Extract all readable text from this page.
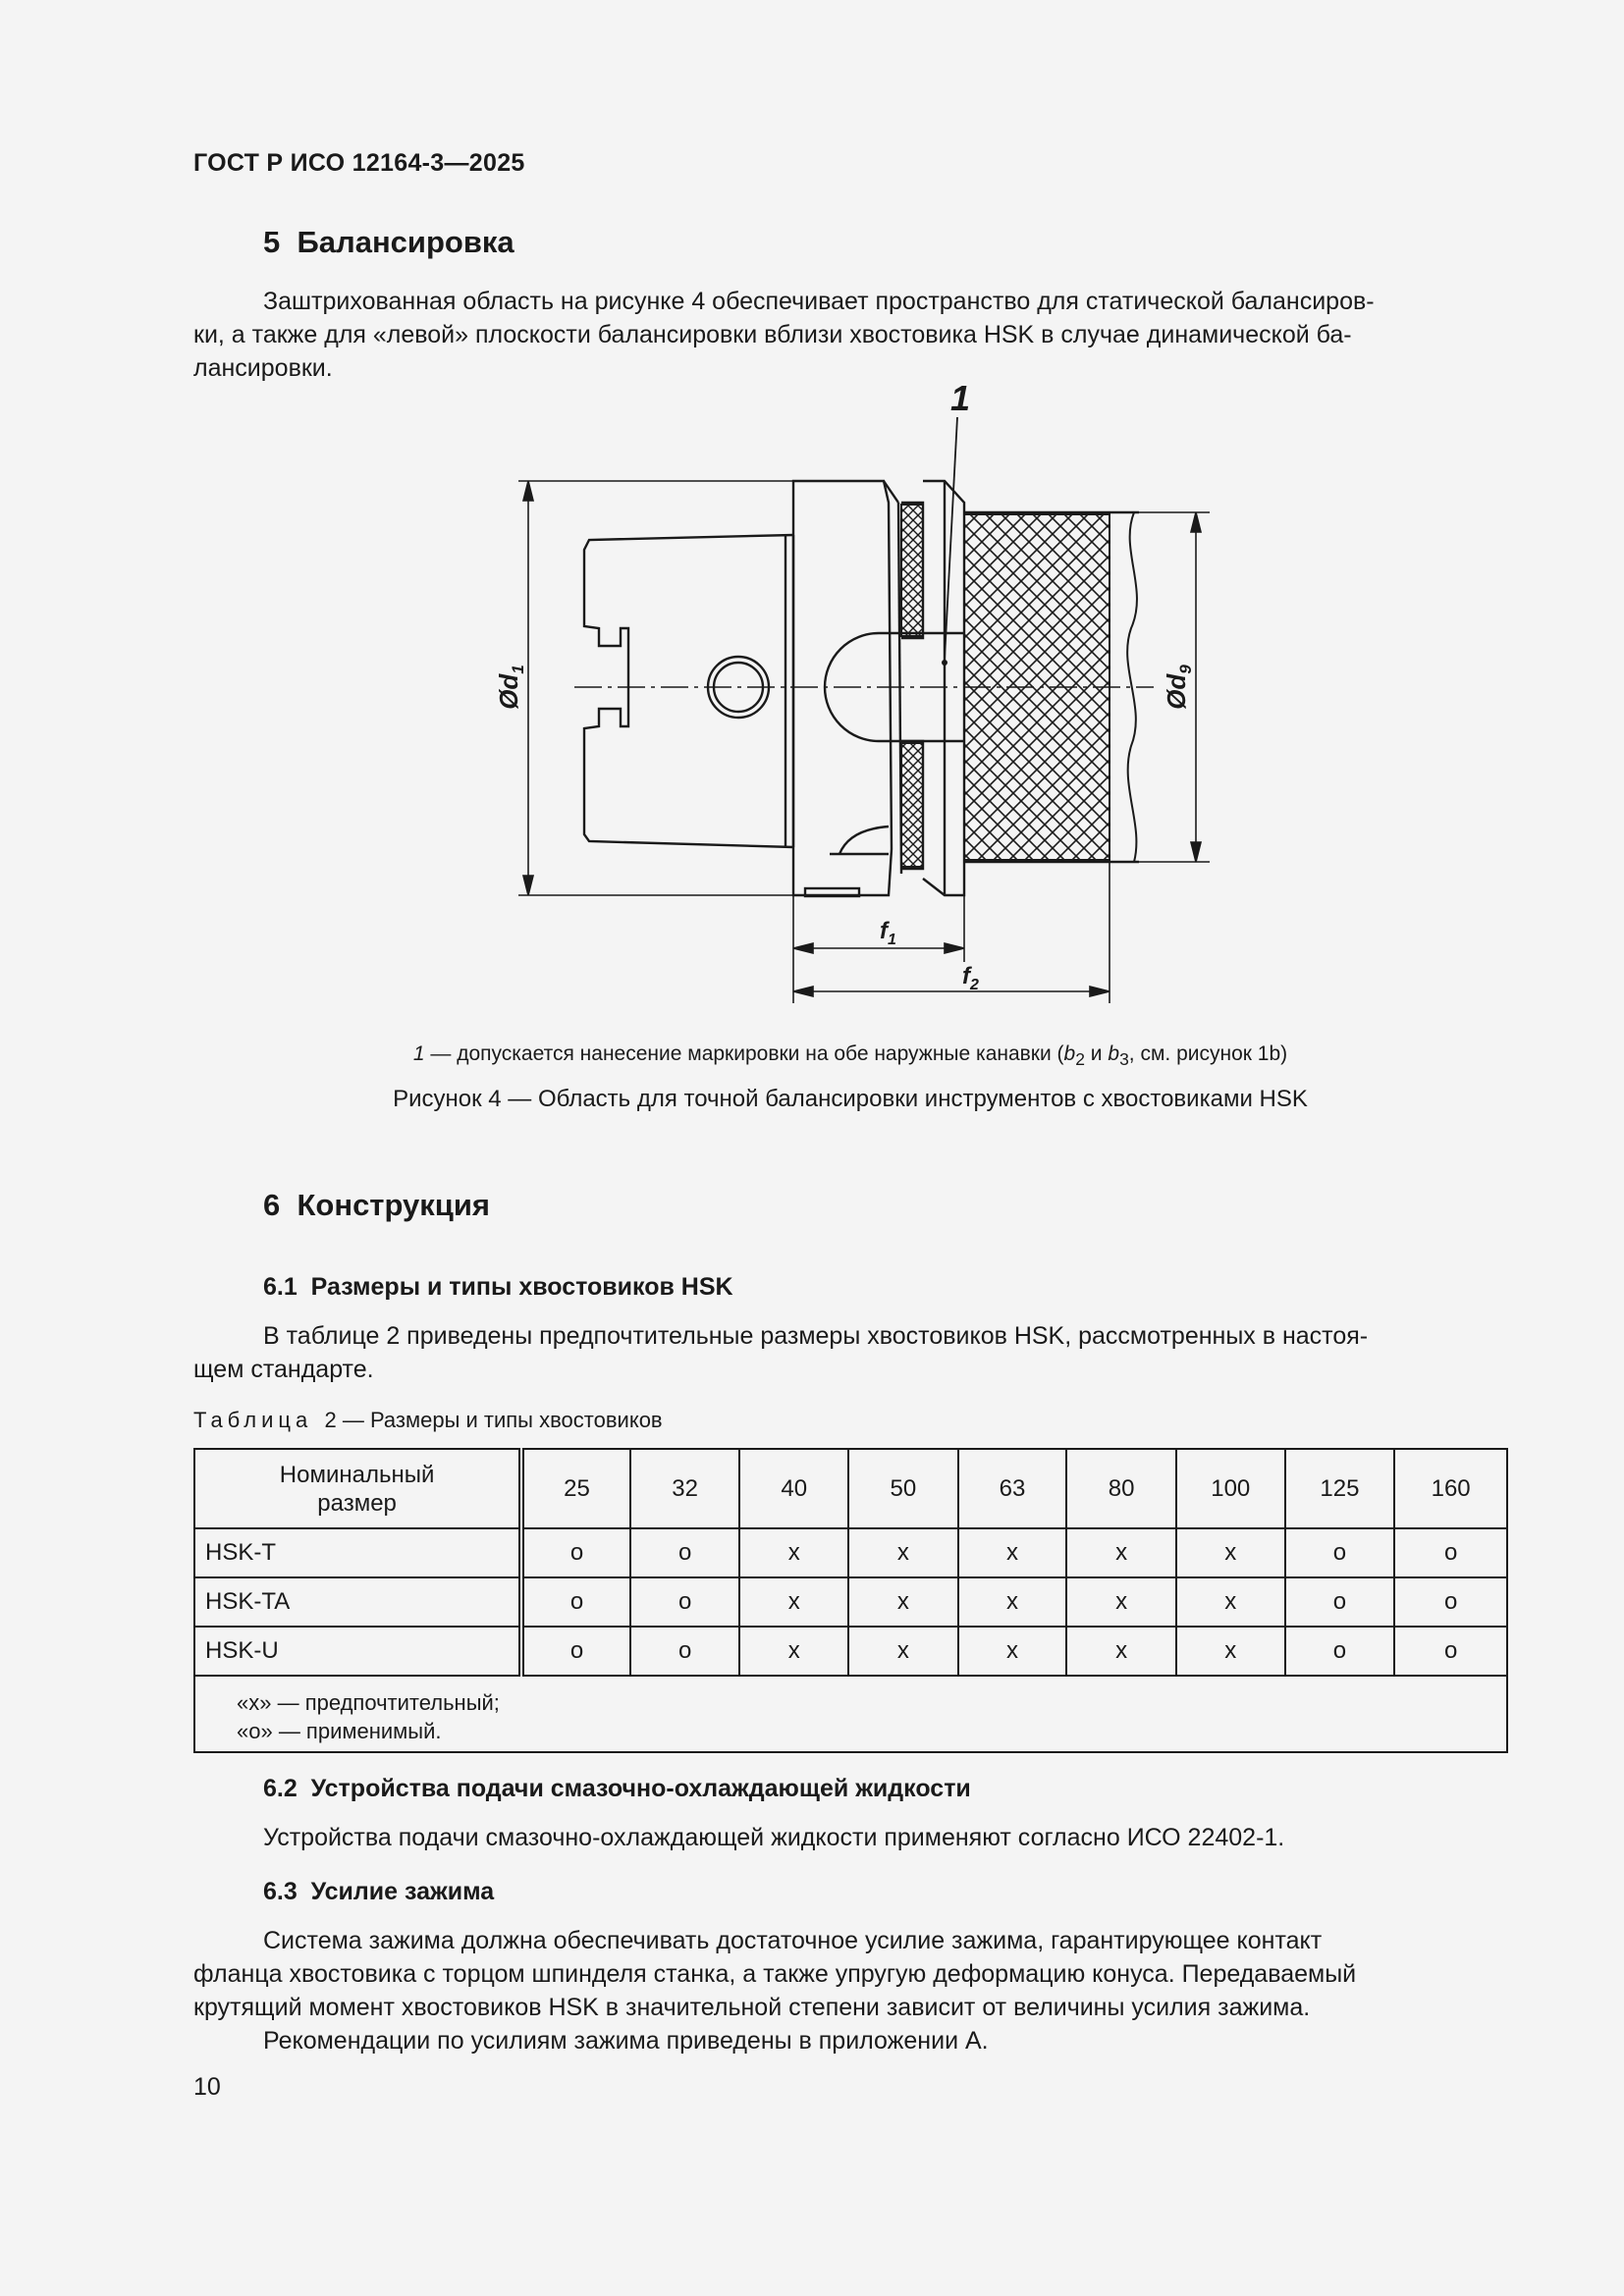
ГОСТ Р ИСО 12164-3—2025
5 Балансировка
Заштрихованная область на рисунке 4 обеспечивает пространство для статической балансиров-
ки, а также для «левой» плоскости балансировки вблизи хвостовика HSK в случае динамической ба-
лансировки.
1
$Ød_1$
$Ød_9$
$f_1$
$f_2$
1 — допускается нанесение маркировки на обе наружные канавки ($b_2$ и $b_3$, см. рисунок 1b)
Рисунок 4 — Область для точной балансировки инструментов с хвостовиками HSK
6 Конструкция
6.1 Размеры и типы хвостовиков HSK
В таблице 2 приведены предпочтительные размеры хвостовиков HSK, рассмотренных в настоя-
щем стандарте.
Таблица 2 — Размеры и типы хвостовиков
Номинальный
размер	25	32	40	50	63	80	100	125	160
HSK-T	o	o	x	x	x	x	x	o	o
HSK-TA	o	o	x	x	x	x	x	o	o
HSK-U	o	o	x	x	x	x	x	o	o

«x» — предпочтительный;
«o» — применимый.									
6.2 Устройства подачи смазочно-охлаждающей жидкости
Устройства подачи смазочно-охлаждающей жидкости применяют согласно ИСО 22402-1.
6.3 Усилие зажима
Система зажима должна обеспечивать достаточное усилие зажима, гарантирующее контакт
фланца хвостовика с торцом шпинделя станка, а также упругую деформацию конуса. Передаваемый
крутящий момент хвостовиков HSK в значительной степени зависит от величины усилия зажима.
Рекомендации по усилиям зажима приведены в приложении А.
10
